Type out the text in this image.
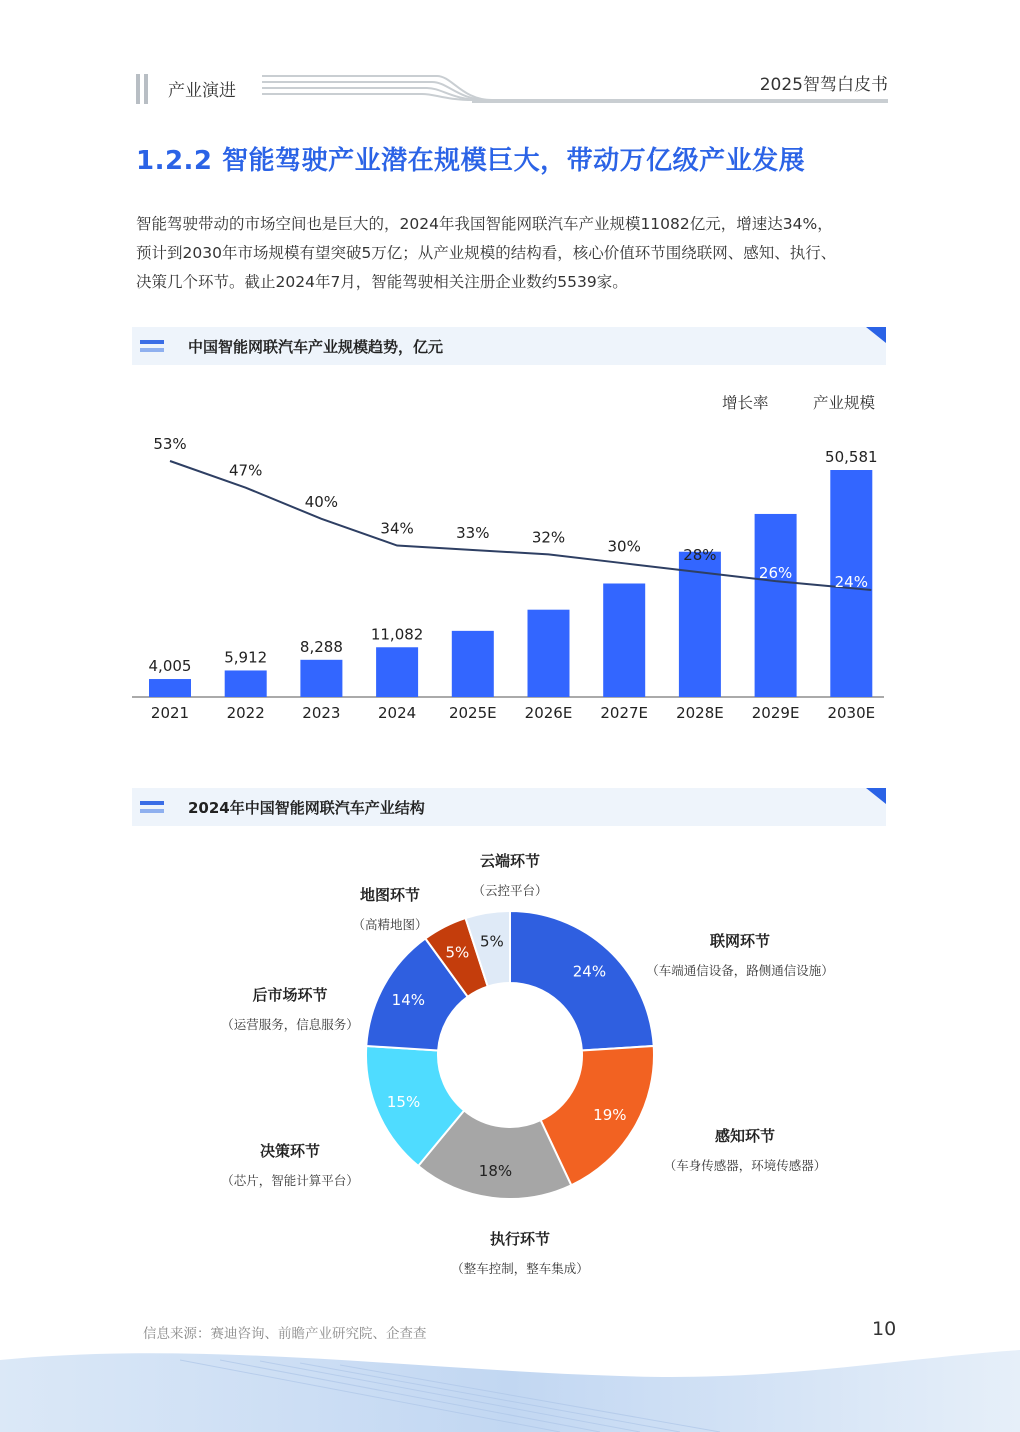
产业演进	2025智驾白皮书
1.2.2 智能驾驶产业潜在规模巨大，带动万亿级产业发展

智能驾驶带动的市场空间也是巨大的，2024年我国智能网联汽车产业规模11082亿元，增速达34%，

预计到2030年市场规模有望突破5万亿；从产业规模的结构看，核心价值环节围绕联网、感知、执行、

决策几个环节。截止2024年7月，智能驾驶相关注册企业数约5539家。

中国智能网联汽车产业规模趋势，亿元
增长率	产业规模
4,005
2021
5,912
2022
8,288
2023
11,082
2024 2025E 2026E 2027E 2028E 2029E
50,581
2030E
53%
47%
40%
34%	33%	32%	30%	28%
26%	24%
2024年中国智能网联汽车产业结构
24%
19%
18%
15%
14%
5%
5%	联网环节
（车端通信设备，路侧通信设施）
感知环节
（车身传感器，环境传感器）
执行环节
（整车控制，整车集成）
决策环节
（芯片，智能计算平台）
后市场环节
（运营服务，信息服务）
地图环节
（高精地图）
云端环节
（云控平台）
信息来源：赛迪咨询、前瞻产业研究院、企查查	10
